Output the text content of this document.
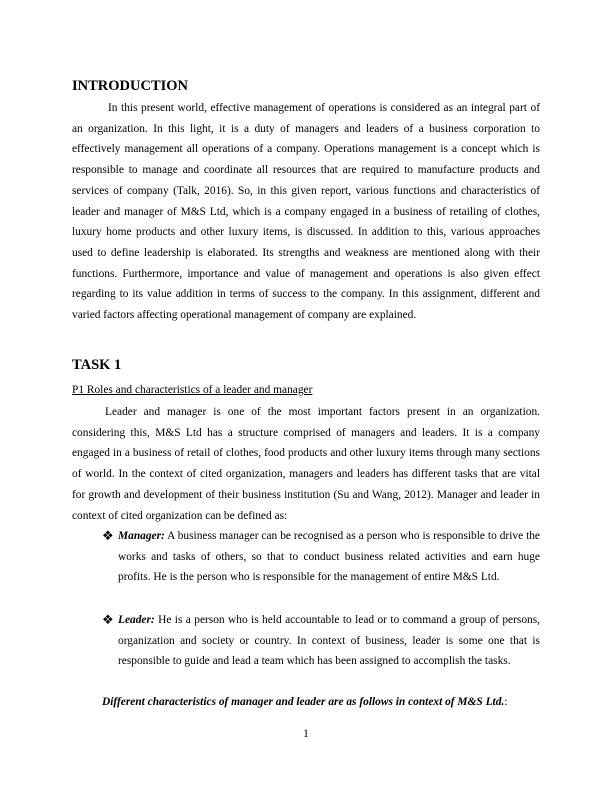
INTRODUCTION

In this present world, effective management of operations is considered as an integral part of an organization. In this light, it is a duty of managers and leaders of a business corporation to effectively management all operations of a company. Operations management is a concept which is responsible to manage and coordinate all resources that are required to manufacture products and services of company (Talk, 2016). So, in this given report, various functions and characteristics of leader and manager of M&S Ltd, which is a company engaged in a business of retailing of clothes, luxury home products and other luxury items, is discussed. In addition to this, various approaches used to define leadership is elaborated. Its strengths and weakness are mentioned along with their functions. Furthermore, importance and value of management and operations is also given effect regarding to its value addition in terms of success to the company. In this assignment, different and varied factors affecting operational management of company are explained.

TASK 1
P1 Roles and characteristics of a leader and manager

Leader and manager is one of the most important factors present in an organization. considering this, M&S Ltd has a structure comprised of managers and leaders. It is a company engaged in a business of retail of clothes, food products and other luxury items through many sections of world. In the context of cited organization, managers and leaders has different tasks that are vital for growth and development of their business institution (Su and Wang, 2012). Manager and leader in context of cited organization can be defined as:

❖ Manager: A business manager can be recognised as a person who is responsible to drive the works and tasks of others, so that to conduct business related activities and earn huge profits. He is the person who is responsible for the management of entire M&S Ltd.

❖ Leader: He is a person who is held accountable to lead or to command a group of persons, organization and society or country. In context of business, leader is some one that is responsible to guide and lead a team which has been assigned to accomplish the tasks.

Different characteristics of manager and leader are as follows in context of M&S Ltd.:
1
